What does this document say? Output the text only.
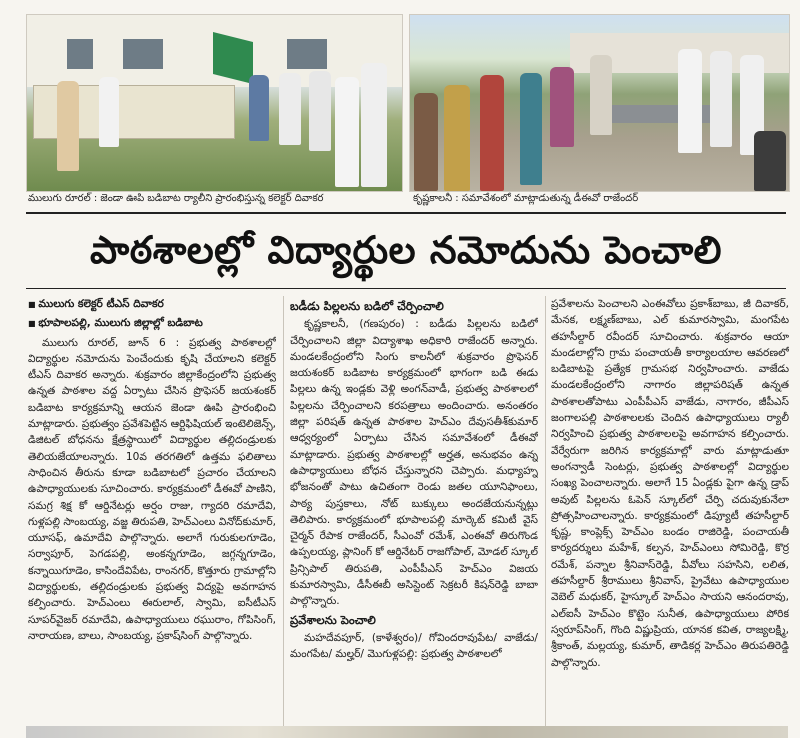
ములుగు రూరల్ : జెండా ఊపి బడిబాట ర్యాలీని ప్రారంభిస్తున్న కలెక్టర్ దివాకర	కృష్ణకాలనీ : సమావేశంలో మాట్లాడుతున్న డీఈవో రాజేందర్
పాఠశాలల్లో విద్యార్థుల నమోదును పెంచాలి
■ ములుగు కలెక్టర్ టీఎస్ దివాకర
■ భూపాలపల్లి, ములుగు జిల్లాల్లో బడిబాట

ములుగు రూరల్, జూన్ 6 : ప్రభుత్వ పాఠశాలల్లో విద్యార్థుల నమోదును పెంచేందుకు కృషి చేయాలని కలెక్టర్ టీఎస్ దివాకర అన్నారు. శుక్రవారం జిల్లాకేంద్రంలోని ప్రభుత్వ ఉన్నత పాఠశాల వద్ద ఏర్పాటు చేసిన ప్రొఫెసర్ జయశంకర్ బడిబాట కార్యక్రమాన్ని ఆయన జెండా ఊపి ప్రారంభించి మాట్లాడారు. ప్రభుత్వం ప్రవేశపెట్టిన ఆర్టిఫిషియల్ ఇంటెలిజెన్స్, డిజిటల్ బోధనను క్షేత్రస్థాయిలో విద్యార్థుల తల్లిదండ్రులకు తెలియజేయాలన్నారు. 10వ తరగతిలో ఉత్తమ ఫలితాలు సాధించిన తీరును కూడా బడిబాటలో ప్రచారం చేయాలని ఉపాధ్యాయులకు సూచించారు. కార్యక్రమంలో డీఈవో పాణిని, సమగ్ర శిక్ష కో ఆర్డినేటర్లు అర్షం రాజు, గ్యాదరి రమాదేవి, గుళ్లపల్లి సాంబయ్య, వజ్జ తిరుపతి, హెచ్ఎంలు వినోద్‌కుమార్, యూసఫ్, ఉమాదేవి పాల్గొన్నారు. అలాగే గురుకులగూడెం, సర్వాపూర్, పెగడపల్లి, అంకన్నగూడెం, జగ్గన్నగూడెం, కన్నాయిగూడెం, కాసిందేవిపేట, రాంనగర్, కొత్తూరు గ్రామాల్లోని విద్యార్థులకు, తల్లిదండ్రులకు ప్రభుత్వ విద్యపై అవగాహన కల్పించారు. హెచ్ఎంలు ఈరులాల్, స్వామి, ఐసీటీఎస్ సూపర్‌వైజర్ రమాదేవి, ఉపాధ్యాయులు రఘురాం, గోపిసింగ్, నారాయణ, బాలు, సాంబయ్య, ప్రకాష్‌సింగ్ పాల్గొన్నారు.

బడీడు పిల్లలను బడిలో చేర్పించాలి

కృష్ణకాలనీ, (గణపురం) : బడీడు పిల్లలను బడిలో చేర్పించాలని జిల్లా విద్యాశాఖ అధికారి రాజేందర్ అన్నారు. మండలకేంద్రంలోని సింగు కాలనీలో శుక్రవారం ప్రొఫెసర్ జయశంకర్ బడిబాట కార్యక్రమంలో భాగంగా బడి ఈడు పిల్లలు ఉన్న ఇండ్లకు వెళ్లి అంగన్‌వాడీ, ప్రభుత్వ పాఠశాలలో పిల్లలను చేర్పించాలని కరపత్రాలు అందించారు. అనంతరం జిల్లా పరిషత్ ఉన్నత పాఠశాల హెచ్ఎం దేవుసతీశ్‌కుమార్ ఆధ్వర్యంలో ఏర్పాటు చేసిన సమావేశంలో డీఈవో మాట్లాడారు. ప్రభుత్వ పాఠశాలల్లో అర్హత, అనుభవం ఉన్న ఉపాధ్యాయులు బోధన చేస్తున్నారని చెప్పారు. మధ్యాహ్న భోజనంతో పాటు ఉచితంగా రెండు జతల యూనిఫాంలు, పాఠ్య పుస్తకాలు, నోట్ బుక్కులు అందజేయనున్నట్లు తెలిపారు. కార్యక్రమంలో భూపాలపల్లి మార్కెట్ కమిటీ వైస్ చైర్మన్ రేపాక రాజేందర్, సీఎంవో రమేశ్, ఎంఈవో తిరుగొండ ఉప్పలయ్య, ప్లానింగ్ కో ఆర్డినేటర్ రాజగోపాల్, మోడల్ స్కూల్ ప్రిన్సిపాల్ తిరుపతి, ఎంపీపీఎస్ హెచ్ఎం విజయ కుమారస్వామి, డీసీఈబీ అసిస్టెంట్ సెక్రటరీ కిషన్‌రెడ్డి బాబా పాల్గొన్నారు.

ప్రవేశాలను పెంచాలి

మహదేవపూర్, (కాళేశ్వరం)/ గోవిందరావుపేట/ వాజేడు/ మంగపేట/ మల్హర్/ మొగుళ్లపల్లి: ప్రభుత్వ పాఠశాలలో

ప్రవేశాలను పెంచాలని ఎంఈవోలు ప్రకాశ్‌బాబు, జీ దివాకర్, మేనక, లక్ష్మణ్‌బాబు, ఎల్ కుమారస్వామి, మంగపేట తహసీల్దార్ రవీందర్ సూచించారు. శుక్రవారం ఆయా మండలాల్లోని గ్రామ పంచాయతీ కార్యాలయాల ఆవరణలో బడిబాటపై ప్రత్యేక గ్రామసభ నిర్వహించారు. వాజేడు మండలకేంద్రంలోని నాగారం జిల్లాపరిషత్ ఉన్నత పాఠశాలతోపాటు ఎంపీపీఎస్ వాజేడు, నాగారం, జీపీఎస్ జంగాలపల్లి పాఠశాలలకు చెందిన ఉపాధ్యాయులు ర్యాలీ నిర్వహించి ప్రభుత్వ పాఠశాలలపై అవగాహన కల్పించారు. వేర్వేరుగా జరిగిన కార్యక్రమాల్లో వారు మాట్లాడుతూ అంగన్వాడీ సెంటర్లు, ప్రభుత్వ పాఠశాలల్లో విద్యార్థుల సంఖ్య పెంచాలన్నారు. అలాగే 15 ఏండ్లకు పైగా ఉన్న డ్రాప్ అవుట్ పిల్లలను ఓపెన్ స్కూల్‌లో చేర్పి చదువుకునేలా ప్రోత్సహించాలన్నారు. కార్యక్రమంలో డిప్యూటీ తహసీల్దార్ కృష్ణ, కాంప్లెక్స్ హెచ్ఎం బండం రాజిరెడ్డి, పంచాయతీ కార్యదర్శులు మహేశ్, కల్పన, హెచ్ఎంలు సోమిరెడ్డి, కొర్ర రమేశ్, పన్నాల శ్రీనివాస్‌రెడ్డి, వీవోలు సహసిని, లలిత, తహసీల్దార్ శ్రీరాములు శ్రీనివాస్, ప్రైవేటు ఉపాధ్యాయుల వెబెల్ మధుకర్, హైస్కూల్ హెచ్ఎం సాయని ఆనందరావు, ఎల్ఐసీ హెచ్ఎం కొట్టెం సునీత, ఉపాధ్యాయులు పోరిక స్వరూప్‌సింగ్, గొంది విష్ణుప్రియ, యానక కవిత, రాజ్యలక్ష్మి, శ్రీకాంత్, మల్లయ్య, కుమార్, తాడికర్ల హెచ్ఎం తిరుపతిరెడ్డి పాల్గొన్నారు.
